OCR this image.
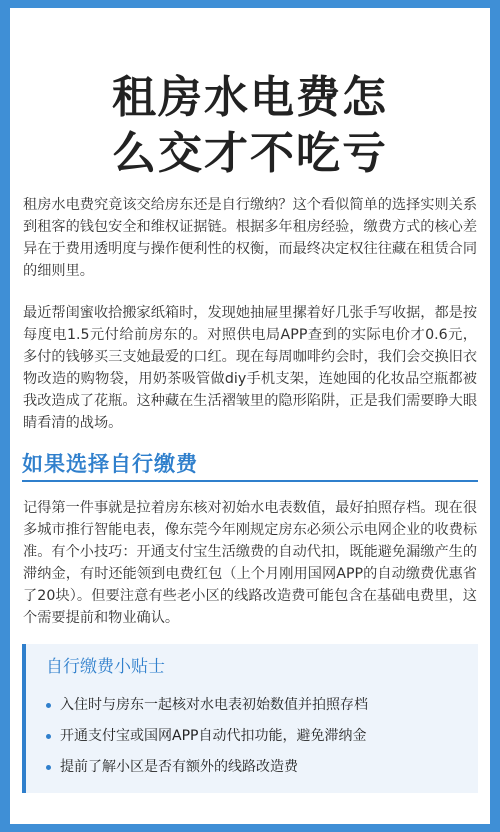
租房水电费怎
么交才不吃亏

租房水电费究竟该交给房东还是自行缴纳？这个看似简单的选择实则关系到租客的钱包安全和维权证据链。根据多年租房经验，缴费方式的核心差异在于费用透明度与操作便利性的权衡，而最终决定权往往藏在租赁合同的细则里。

最近帮闺蜜收拾搬家纸箱时，发现她抽屉里摞着好几张手写收据，都是按每度电1.5元付给前房东的。对照供电局APP查到的实际电价才0.6元，多付的钱够买三支她最爱的口红。现在每周咖啡约会时，我们会交换旧衣物改造的购物袋，用奶茶吸管做diy手机支架，连她囤的化妆品空瓶都被我改造成了花瓶。这种藏在生活褶皱里的隐形陷阱，正是我们需要睁大眼睛看清的战场。

如果选择自行缴费

记得第一件事就是拉着房东核对初始水电表数值，最好拍照存档。现在很多城市推行智能电表，像东莞今年刚规定房东必须公示电网企业的收费标准。有个小技巧：开通支付宝生活缴费的自动代扣，既能避免漏缴产生的滞纳金，有时还能领到电费红包（上个月刚用国网APP的自动缴费优惠省了20块）。但要注意有些老小区的线路改造费可能包含在基础电费里，这个需要提前和物业确认。

自行缴费小贴士
入住时与房东一起核对水电表初始数值并拍照存档
开通支付宝或国网APP自动代扣功能，避免滞纳金
提前了解小区是否有额外的线路改造费
